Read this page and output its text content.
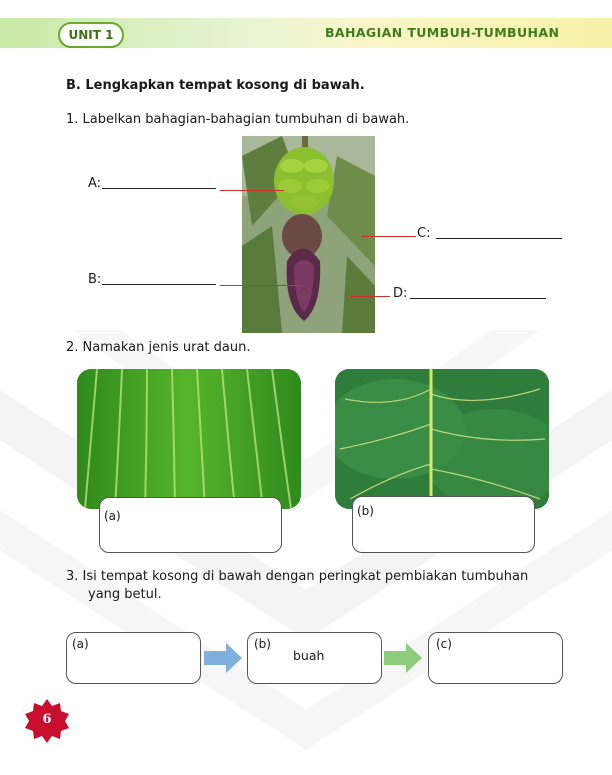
UNIT 1	BAHAGIAN TUMBUH-TUMBUHAN
B. Lengkapkan tempat kosong di bawah.
1. Labelkan bahagian-bahagian tumbuhan di bawah.
A:
B:
C:
D:
2. Namakan jenis urat daun.
(a)	(b)
3. Isi tempat kosong di bawah dengan peringkat pembiakan tumbuhan
yang betul.
(a)	(b)
buah
(c)
6
